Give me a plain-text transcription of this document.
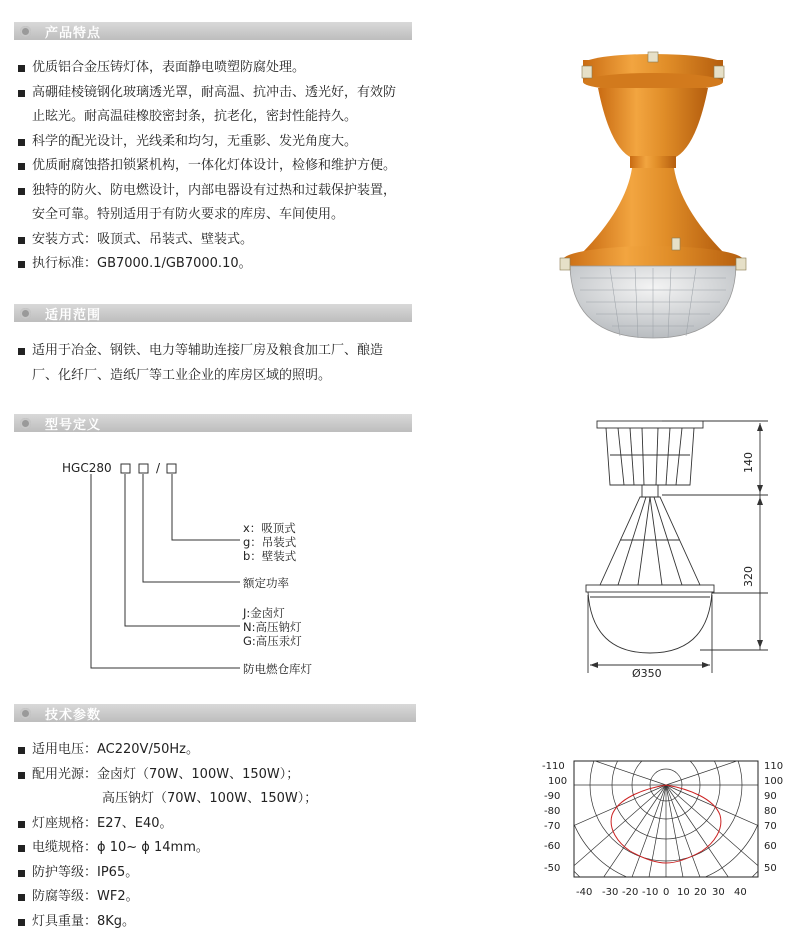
产品特点
适用范围
型号定义
技术参数
优质铝合金压铸灯体，表面静电喷塑防腐处理。
高硼硅棱镜钢化玻璃透光罩，耐高温、抗冲击、透光好，有效防
止眩光。耐高温硅橡胶密封条，抗老化，密封性能持久。
科学的配光设计，光线柔和均匀，无重影、发光角度大。
优质耐腐蚀搭扣锁紧机构，一体化灯体设计，检修和维护方便。
独特的防火、防电燃设计，内部电器设有过热和过载保护装置，
安全可靠。特别适用于有防火要求的库房、车间使用。
安装方式：吸顶式、吊装式、壁装式。
执行标准：GB7000.1/GB7000.10。
适用于冶金、钢铁、电力等辅助连接厂房及粮食加工厂、酿造
厂、化纤厂、造纸厂等工业企业的库房区域的照明。
适用电压：AC220V/50Hz。
配用光源：金卤灯（70W、100W、150W）；
高压钠灯（70W、100W、150W）；
灯座规格：E27、E40。
电缆规格：ϕ 10~ ϕ 14mm。
防护等级：IP65。
防腐等级：WF2。
灯具重量：8Kg。
HGC280	/
x：吸顶式
g：吊装式
b：壁装式
额定功率
J:金卤灯
N:高压钠灯
G:高压汞灯
防电燃仓库灯
140
320
Ø350
-110
100
-90
-80
-70
-60
-50
110
100
90
80
70
60
50
-40 -30 -20 -10 0 10 20 30 40
